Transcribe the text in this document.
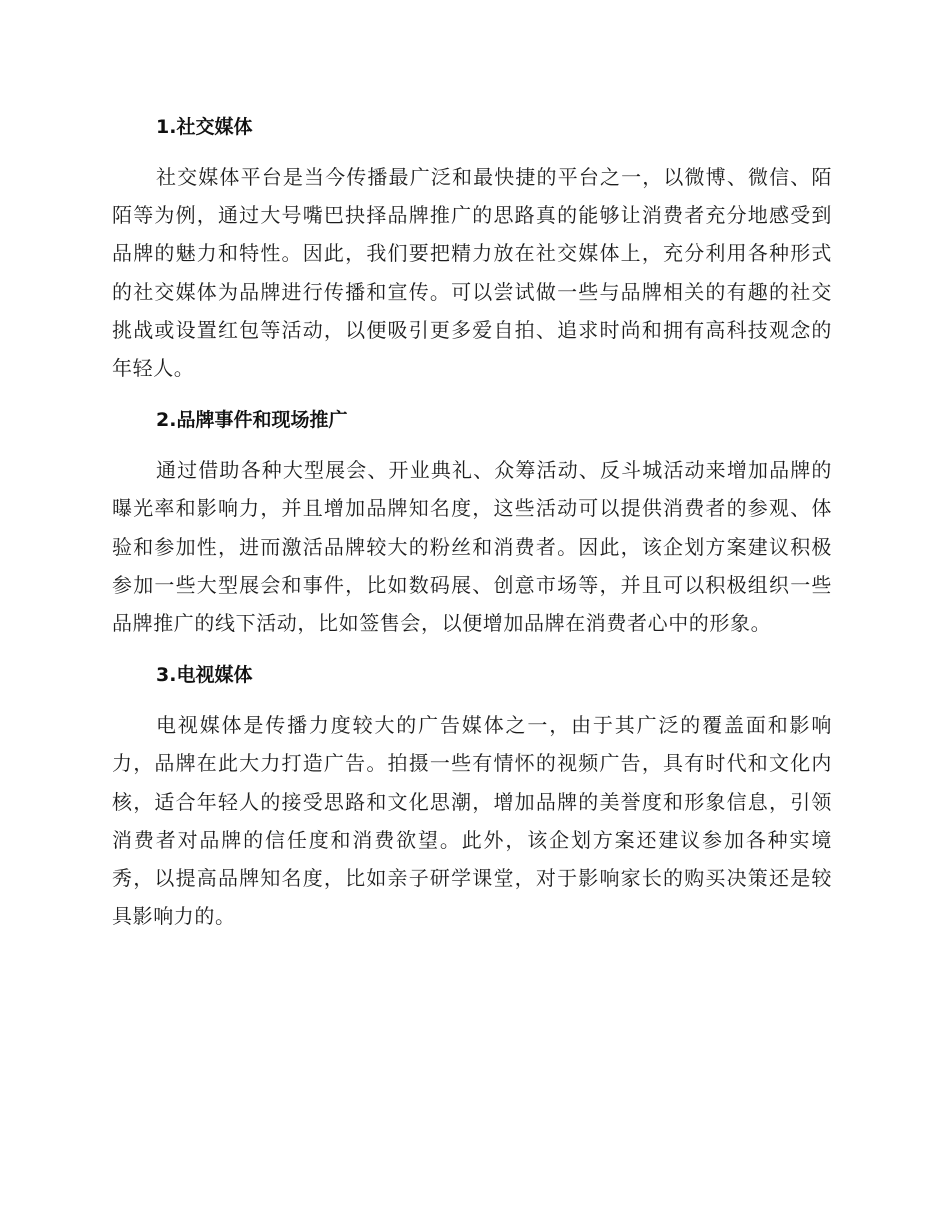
1.社交媒体

社交媒体平台是当今传播最广泛和最快捷的平台之一，以微博、微信、陌陌等为例，通过大号嘴巴抉择品牌推广的思路真的能够让消费者充分地感受到品牌的魅力和特性。因此，我们要把精力放在社交媒体上，充分利用各种形式的社交媒体为品牌进行传播和宣传。可以尝试做一些与品牌相关的有趣的社交挑战或设置红包等活动，以便吸引更多爱自拍、追求时尚和拥有高科技观念的年轻人。

2.品牌事件和现场推广

通过借助各种大型展会、开业典礼、众筹活动、反斗城活动来增加品牌的曝光率和影响力，并且增加品牌知名度，这些活动可以提供消费者的参观、体验和参加性，进而激活品牌较大的粉丝和消费者。因此，该企划方案建议积极参加一些大型展会和事件，比如数码展、创意市场等，并且可以积极组织一些品牌推广的线下活动，比如签售会，以便增加品牌在消费者心中的形象。

3.电视媒体

电视媒体是传播力度较大的广告媒体之一，由于其广泛的覆盖面和影响力，品牌在此大力打造广告。拍摄一些有情怀的视频广告，具有时代和文化内核，适合年轻人的接受思路和文化思潮，增加品牌的美誉度和形象信息，引领消费者对品牌的信任度和消费欲望。此外，该企划方案还建议参加各种实境秀，以提高品牌知名度，比如亲子研学课堂，对于影响家长的购买决策还是较具影响力的。
